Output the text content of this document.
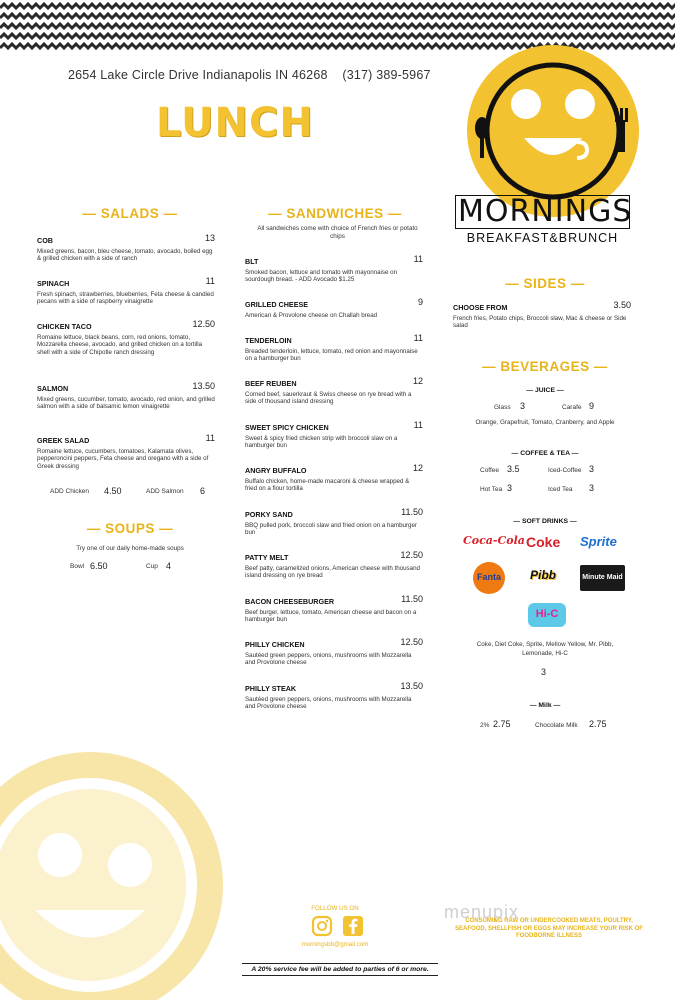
2654 Lake Circle Drive Indianapolis IN 46268 (317) 389-5967
LUNCH
MORNINGS
BREAKFAST&BRUNCH
— SALADS —
COB
Mixed greens, bacon, bleu cheese, tomato, avocado, boiled egg & grilled chicken with a side of ranch
13
SPINACH
Fresh spinach, strawberries, blueberries, Feta cheese & candied pecans with a side of raspberry vinaigrette
11
CHICKEN TACO
Romaine lettuce, black beans, corn, red onions, tomato, Mozzarella cheese, avocado, and grilled chicken on a tortilla shell with a side of Chipotle ranch dressing
12.50
SALMON
Mixed greens, cucumber, tomato, avocado, red onion, and grilled salmon with a side of balsamic lemon vinaigrette
13.50
GREEK SALAD
Romaine lettuce, cucumbers, tomatoes, Kalamata olives, pepperoncini peppers, Feta cheese and oregano with a side of Greek dressing
11
ADD Chicken 4.50	ADD Salmon 6
— SOUPS —
Try one of our daily home-made soups
Bowl 6.50	Cup 4
— SANDWICHES —
All sandwiches come with choice of French fries or potato chips
BLT
Smoked bacon, lettuce and tomato with mayonnaise on sourdough bread. - ADD Avocado $1.25
11
GRILLED CHEESE
American & Provolone cheese on Challah bread
9
TENDERLOIN
Breaded tenderloin, lettuce, tomato, red onion and mayonnaise on a hamburger bun
11
BEEF REUBEN
Corned beef, sauerkraut & Swiss cheese on rye bread with a side of thousand island dressing
12
SWEET SPICY CHICKEN
Sweet & spicy fried chicken strip with broccoli slaw on a hamburger bun
11
ANGRY BUFFALO
Buffalo chicken, home-made macaroni & cheese wrapped & fried on a flour tortilla
12
PORKY SAND
BBQ pulled pork, broccoli slaw and fried onion on a hamburger bun
11.50
PATTY MELT
Beef patty, caramelized onions, American cheese with thousand island dressing on rye bread
12.50
BACON CHEESEBURGER
Beef burger, lettuce, tomato, American cheese and bacon on a hamburger bun
11.50
PHILLY CHICKEN
Sautéed green peppers, onions, mushrooms with Mozzarella and Provolone cheese
12.50
PHILLY STEAK
Sautéed green peppers, onions, mushrooms with Mozzarella and Provolone cheese
13.50
— SIDES —
CHOOSE FROM
French fries, Potato chips, Broccoli slaw, Mac & cheese or Side salad
3.50
— BEVERAGES —
— JUICE —
Glass 3	Carafe 9
Orange, Grapefruit, Tomato, Cranberry, and Apple
— COFFEE & TEA —
Coffee 3.5	Iced-Coffee 3
Hot Tea 3	Iced Tea 3
— SOFT DRINKS —
Coca-Cola Coke Sprite
Fanta	Pibb	Minute Maid
Hi-C
Coke, Diet Coke, Sprite, Mellow Yellow, Mr. Pibb, Lemonade, Hi-C
3
— Milk —
2% 2.75	Chocolate Milk 2.75
FOLLOW US ON
morningsbb@gmail.com
menupix
CONSUMING RAW OR UNDERCOOKED MEATS, POULTRY, SEAFOOD, SHELLFISH OR EGGS MAY INCREASE YOUR RISK OF FOODBORNE ILLNESS
A 20% service fee will be added to parties of 6 or more.
